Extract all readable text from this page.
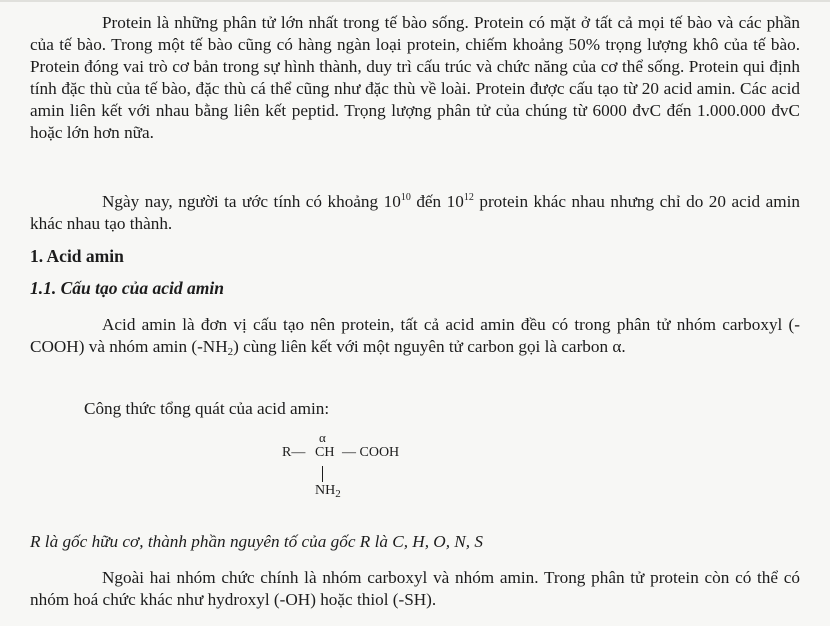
Protein là những phân tử lớn nhất trong tế bào sống. Protein có mặt ở tất cả mọi tế bào và các phần của tế bào. Trong một tế bào cũng có hàng ngàn loại protein, chiếm khoảng 50% trọng lượng khô của tế bào. Protein đóng vai trò cơ bản trong sự hình thành, duy trì cấu trúc và chức năng của cơ thể sống. Protein qui định tính đặc thù của tế bào, đặc thù cá thể cũng như đặc thù về loài. Protein được cấu tạo từ 20 acid amin. Các acid amin liên kết với nhau bằng liên kết peptid. Trọng lượng phân tử của chúng từ 6000 đvC đến 1.000.000 đvC hoặc lớn hơn nữa.

Ngày nay, người ta ước tính có khoảng $10^{10}$ đến $10^{12}$ protein khác nhau nhưng chỉ do 20 acid amin khác nhau tạo thành.

1. Acid amin

1.1. Cấu tạo của acid amin

Acid amin là đơn vị cấu tạo nên protein, tất cả acid amin đều có trong phân tử nhóm carboxyl (-COOH) và nhóm amin $(-NH_2)$ cùng liên kết với một nguyên tử carbon gọi là carbon α.

Công thức tổng quát của acid amin:

α
R— CH — COOH
$NH_2$

R là gốc hữu cơ, thành phần nguyên tố của gốc R là C, H, O, N, S

Ngoài hai nhóm chức chính là nhóm carboxyl và nhóm amin. Trong phân tử protein còn có thể có nhóm hoá chức khác như hydroxyl (-OH) hoặc thiol (-SH).
